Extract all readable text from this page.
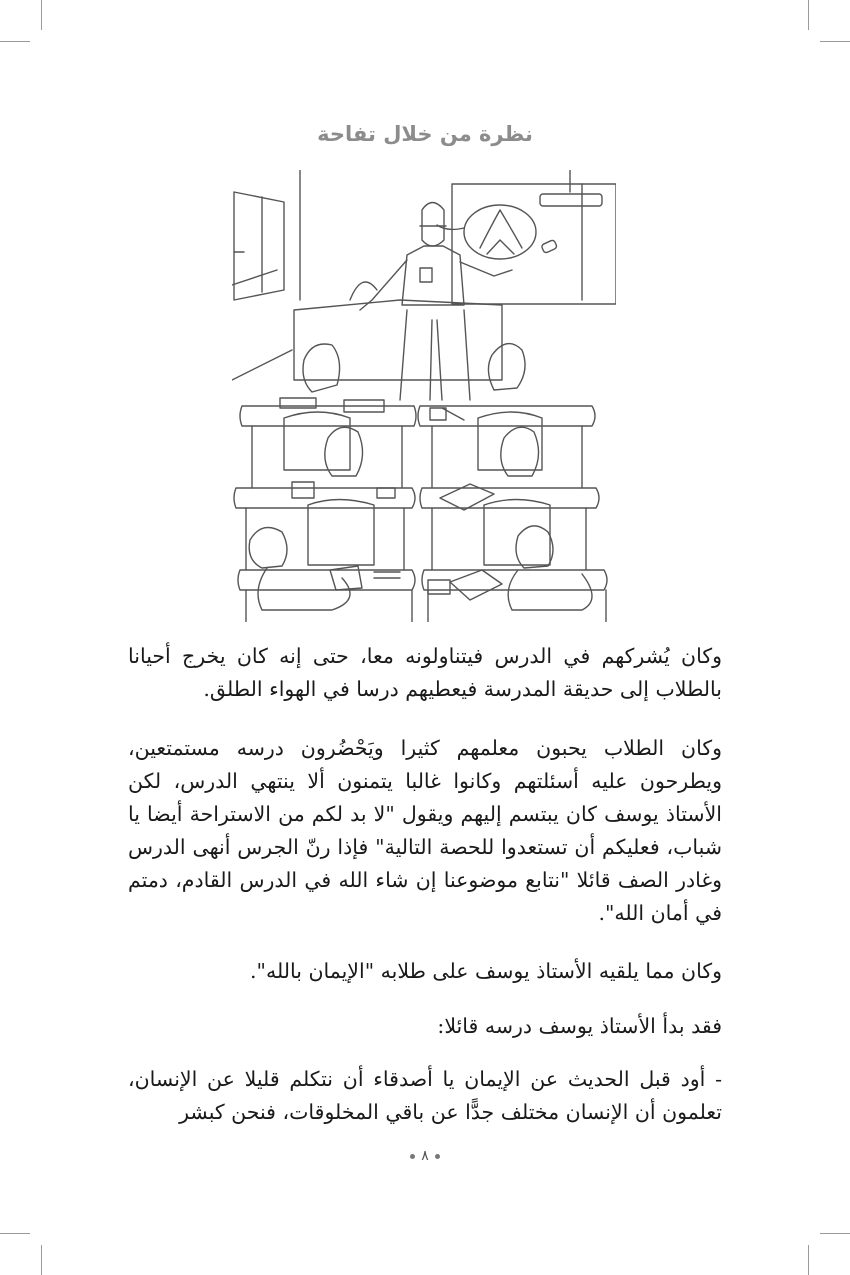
نظرة من خلال تفاحة

وكان يُشركهم في الدرس فيتناولونه معا، حتى إنه كان يخرج أحيانا بالطلاب إلى حديقة المدرسة فيعطيهم درسا في الهواء الطلق.

وكان الطلاب يحبون معلمهم كثيرا ويَحْضُرون درسه مستمتعين، ويطرحون عليه أسئلتهم وكانوا غالبا يتمنون ألا ينتهي الدرس، لكن الأستاذ يوسف كان يبتسم إليهم ويقول "لا بد لكم من الاستراحة أيضا يا شباب، فعليكم أن تستعدوا للحصة التالية" فإذا رنّ الجرس أنهى الدرس وغادر الصف قائلا "نتابع موضوعنا إن شاء الله في الدرس القادم، دمتم في أمان الله".

وكان مما يلقيه الأستاذ يوسف على طلابه "الإيمان بالله".

فقد بدأ الأستاذ يوسف درسه قائلا:

- أود قبل الحديث عن الإيمان يا أصدقاء أن نتكلم قليلا عن الإنسان، تعلمون أن الإنسان مختلف جدًّا عن باقي المخلوقات، فنحن كبشر

٨
